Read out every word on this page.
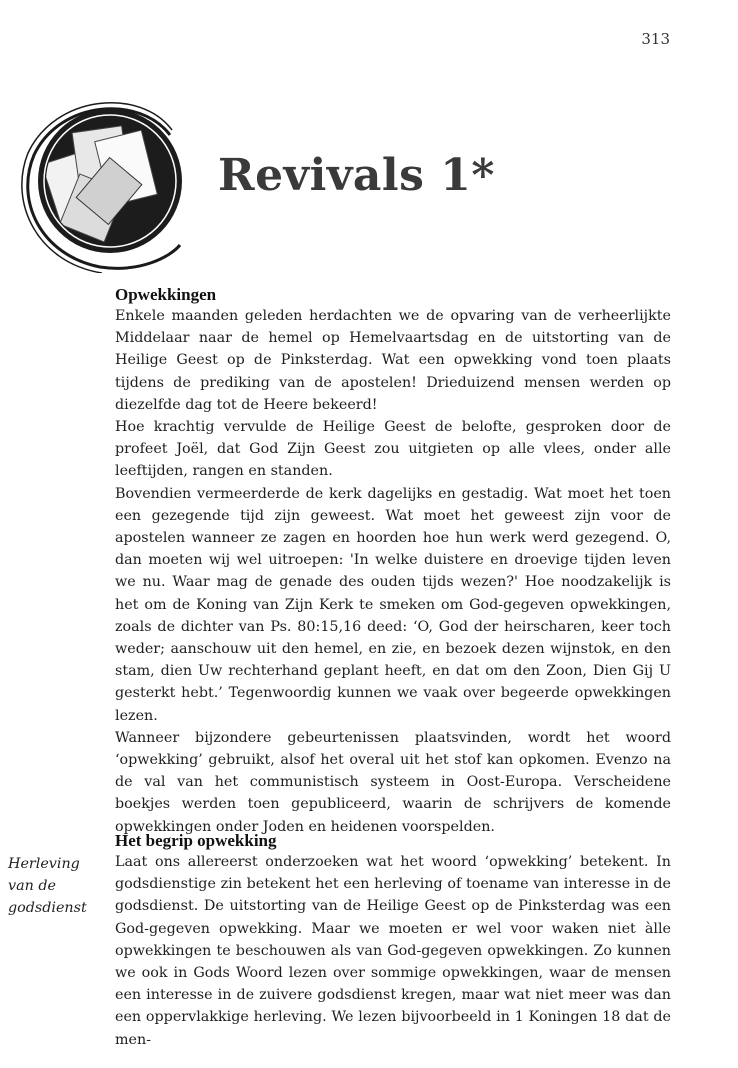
313
Revivals 1*
Opwekkingen
Enkele maanden geleden herdachten we de opvaring van de verheerlijkte Middelaar naar de hemel op Hemelvaartsdag en de uitstorting van de Heilige Geest op de Pinksterdag. Wat een opwekking vond toen plaats tijdens de prediking van de apostelen! Drieduizend mensen werden op diezelfde dag tot de Heere bekeerd!
Hoe krachtig vervulde de Heilige Geest de belofte, gesproken door de profeet Joël, dat God Zijn Geest zou uitgieten op alle vlees, onder alle leeftijden, rangen en standen.
Bovendien vermeerderde de kerk dagelijks en gestadig. Wat moet het toen een gezegende tijd zijn geweest. Wat moet het geweest zijn voor de apostelen wanneer ze zagen en hoorden hoe hun werk werd gezegend. O, dan moeten wij wel uitroepen: 'In welke duistere en droevige tijden leven we nu. Waar mag de genade des ouden tijds wezen?' Hoe noodzakelijk is het om de Koning van Zijn Kerk te smeken om God-gegeven opwekkingen, zoals de dichter van Ps. 80:15,16 deed: ‘O, God der heirscharen, keer toch weder; aanschouw uit den hemel, en zie, en bezoek dezen wijnstok, en den stam, dien Uw rechterhand geplant heeft, en dat om den Zoon, Dien Gij U gesterkt hebt.’ Tegenwoordig kunnen we vaak over begeerde opwekkingen lezen.
Wanneer bijzondere gebeurtenissen plaatsvinden, wordt het woord ‘opwekking’ gebruikt, alsof het overal uit het stof kan opkomen. Evenzo na de val van het communistisch systeem in Oost-Europa. Verscheidene boekjes werden toen gepubliceerd, waarin de schrijvers de komende opwekkingen onder Joden en heidenen voorspelden.
Herleving
van de
godsdienst
Het begrip opwekking
Laat ons allereerst onderzoeken wat het woord ‘opwekking’ betekent. In godsdienstige zin betekent het een herleving of toename van interesse in de godsdienst. De uitstorting van de Heilige Geest op de Pinksterdag was een God-gegeven opwekking. Maar we moeten er wel voor waken niet àlle opwekkingen te beschouwen als van God-gegeven opwekkingen. Zo kunnen we ook in Gods Woord lezen over sommige opwekkingen, waar de mensen een interesse in de zuivere godsdienst kregen, maar wat niet meer was dan een oppervlakkige herleving. We lezen bijvoorbeeld in 1 Koningen 18 dat de men-
